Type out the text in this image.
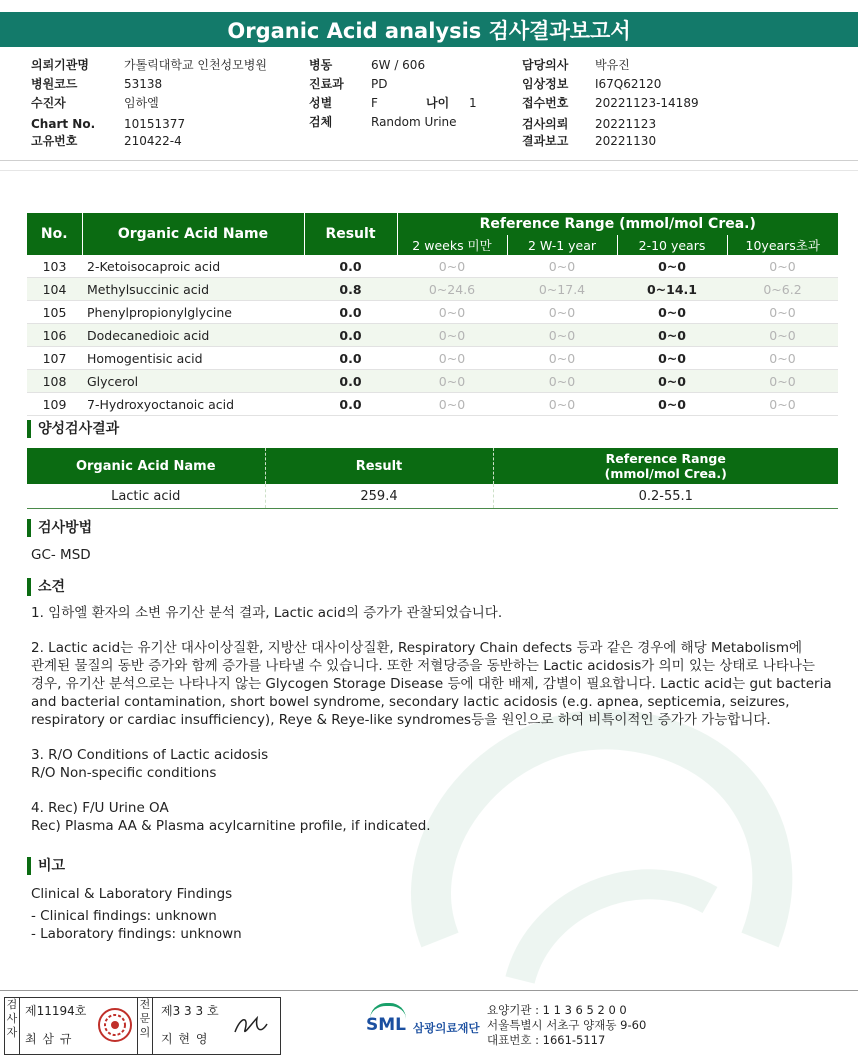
Organic Acid analysis 검사결과보고서
의뢰기관명	가톨릭대학교 인천성모병원
병원코드	53138
수진자	임하엘
Chart No. 10151377
고유번호	210422-4
병동	6W / 606
진료과 PD
성별	F
검체	Random Urine
나이 1
담당의사 박유진
임상정보 I67Q62120
접수번호 20221123-14189
검사의뢰 20221123
결과보고 20221130
No.	Organic Acid Name	Result	Reference Range (mmol/mol Crea.)			
			2 weeks 미만	2 W-1 year	2-10 years	10years초과
103	2-Ketoisocaproic acid	0.0	0~0	0~0	0~0	0~0
104	Methylsuccinic acid	0.8	0~24.6	0~17.4	0~14.1	0~6.2
105	Phenylpropionylglycine	0.0	0~0	0~0	0~0	0~0
106	Dodecanedioic acid	0.0	0~0	0~0	0~0	0~0
107	Homogentisic acid	0.0	0~0	0~0	0~0	0~0
108	Glycerol	0.0	0~0	0~0	0~0	0~0
109	7-Hydroxyoctanoic acid	0.0	0~0	0~0	0~0	0~0
양성검사결과
Organic Acid Name	Result	Reference Range
(mmol/mol Crea.)

Lactic acid	259.4	0.2-55.1
검사방법
GC- MSD
소견

1. 임하엘 환자의 소변 유기산 분석 결과, Lactic acid의 증가가 관찰되었습니다.

2. Lactic acid는 유기산 대사이상질환, 지방산 대사이상질환, Respiratory Chain defects 등과 같은 경우에 해당 Metabolism에

관계된 물질의 동반 증가와 함께 증가를 나타낼 수 있습니다. 또한 저혈당증을 동반하는 Lactic acidosis가 의미 있는 상태로 나타나는

경우, 유기산 분석으로는 나타나지 않는 Glycogen Storage Disease 등에 대한 배제, 감별이 필요합니다. Lactic acid는 gut bacteria

and bacterial contamination, short bowel syndrome, secondary lactic acidosis (e.g. apnea, septicemia, seizures,

respiratory or cardiac insufficiency), Reye & Reye-like syndromes등을 원인으로 하여 비특이적인 증가가 가능합니다.

3. R/O Conditions of Lactic acidosis

R/O Non-specific conditions

4. Rec) F/U Urine OA

Rec) Plasma AA & Plasma acylcarnitine profile, if indicated.

비고

Clinical & Laboratory Findings

- Clinical findings: unknown

- Laboratory findings: unknown

검사자
제11194호
최 삼 규
전문의
제3 3 3 호
지 현 영
SML 삼광의료재단
요양기관 : 1 1 3 6 5 2 0 0
서울특별시 서초구 양재동 9-60
대표번호 : 1661-5117
